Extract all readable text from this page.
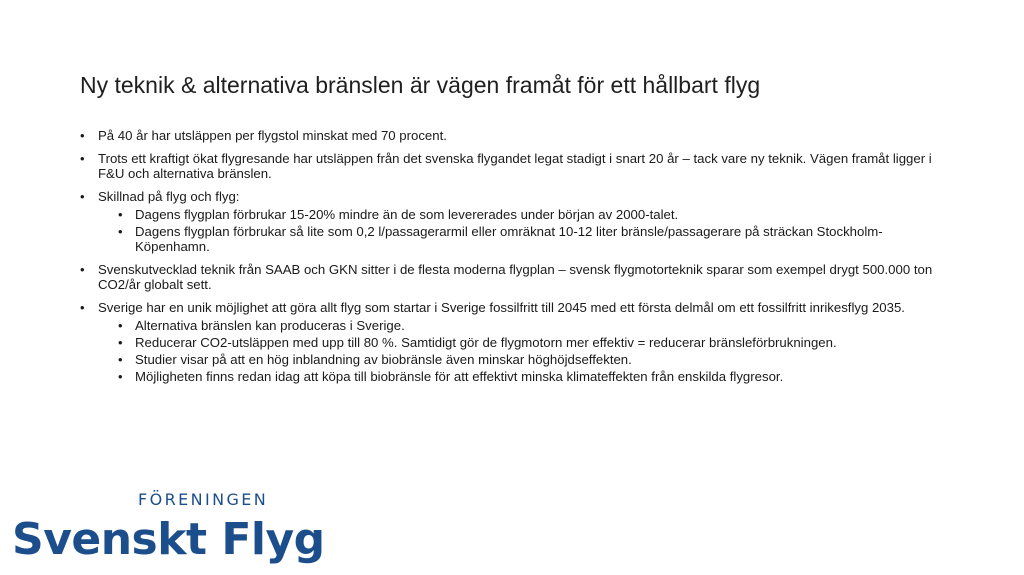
Ny teknik & alternativa bränslen är vägen framåt för ett hållbart flyg
• På 40 år har utsläppen per flygstol minskat med 70 procent.
• Trots ett kraftigt ökat flygresande har utsläppen från det svenska flygandet legat stadigt i snart 20 år – tack vare ny teknik. Vägen framåt ligger i F&U och alternativa bränslen.
• Skillnad på flyg och flyg:
• Dagens flygplan förbrukar 15-20% mindre än de som levererades under början av 2000-talet.
• Dagens flygplan förbrukar så lite som 0,2 l/passagerarmil eller omräknat 10-12 liter bränsle/passagerare på sträckan Stockholm-Köpenhamn.
• Svenskutvecklad teknik från SAAB och GKN sitter i de flesta moderna flygplan – svensk flygmotorteknik sparar som exempel drygt 500.000 ton CO2/år globalt sett.
• Sverige har en unik möjlighet att göra allt flyg som startar i Sverige fossilfritt till 2045 med ett första delmål om ett fossilfritt inrikesflyg 2035.
• Alternativa bränslen kan produceras i Sverige.
• Reducerar CO2-utsläppen med upp till 80 %. Samtidigt gör de flygmotorn mer effektiv = reducerar bränsleförbrukningen.
• Studier visar på att en hög inblandning av biobränsle även minskar höghöjdseffekten.
• Möjligheten finns redan idag att köpa till biobränsle för att effektivt minska klimateffekten från enskilda flygresor.
FÖRENINGEN
Svenskt Flyg
